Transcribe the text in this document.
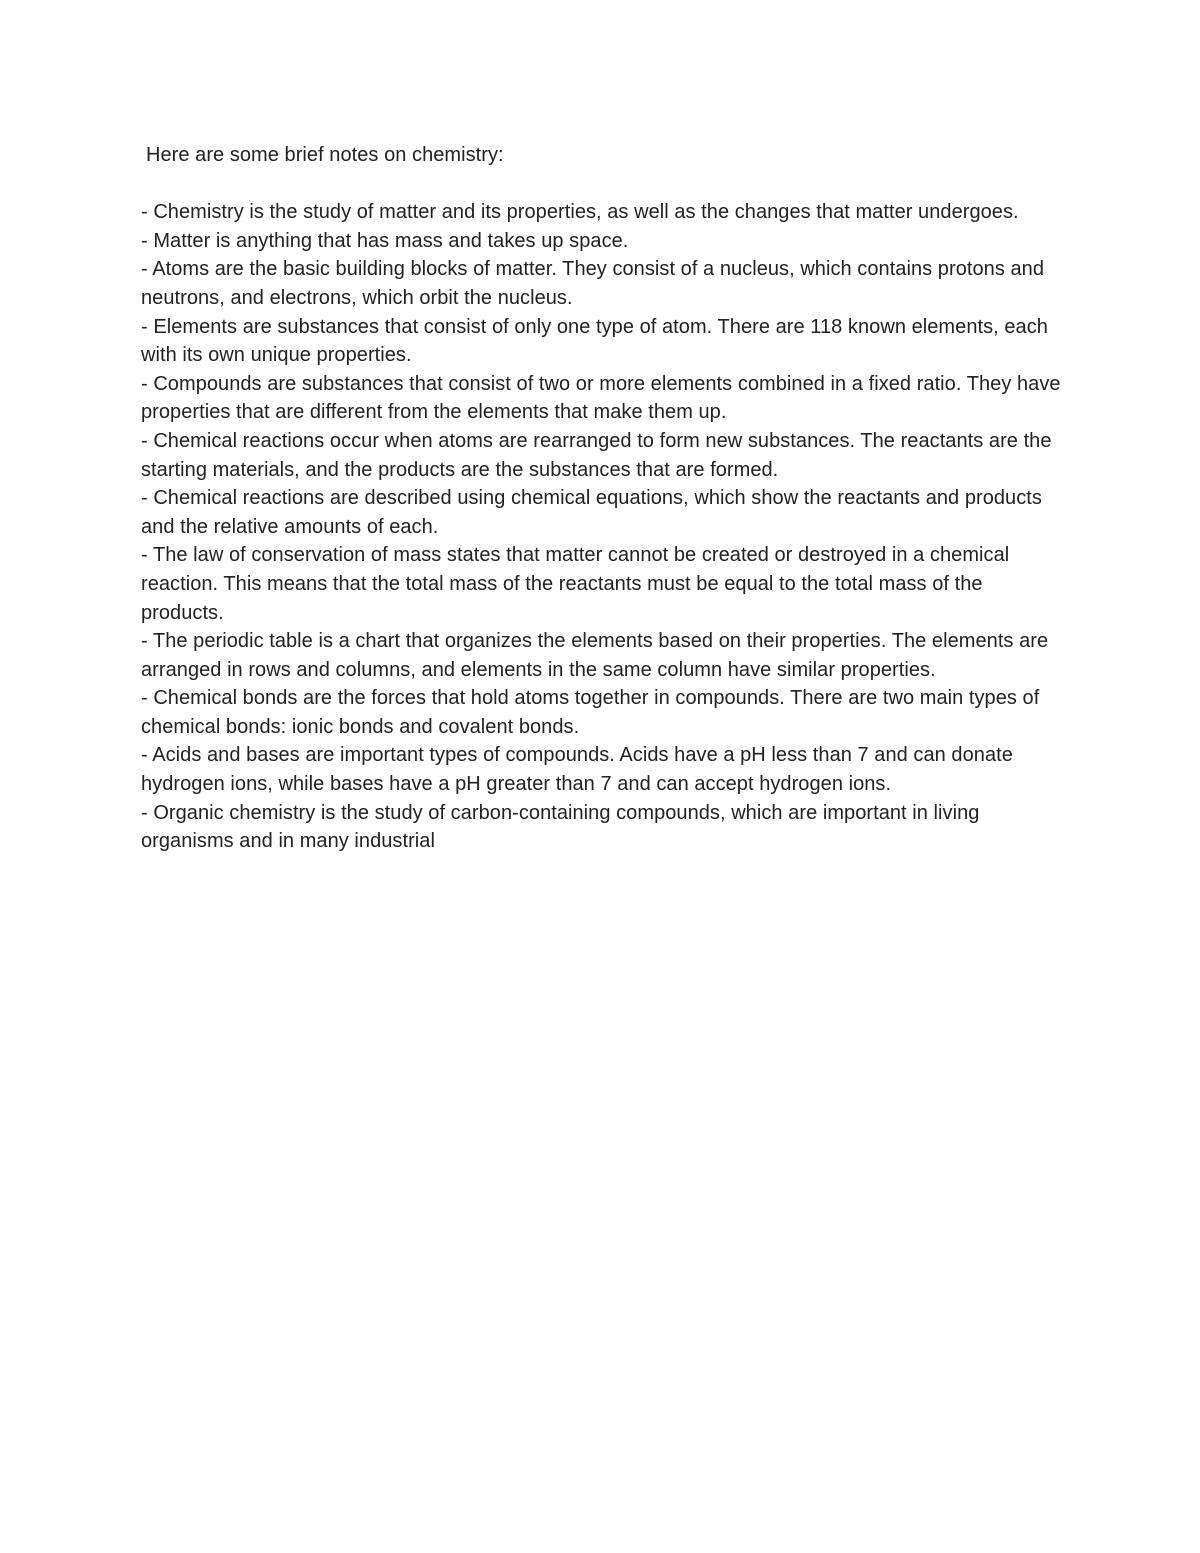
Here are some brief notes on chemistry:

- Chemistry is the study of matter and its properties, as well as the changes that matter undergoes.

- Matter is anything that has mass and takes up space.

- Atoms are the basic building blocks of matter. They consist of a nucleus, which contains protons and neutrons, and electrons, which orbit the nucleus.

- Elements are substances that consist of only one type of atom. There are 118 known elements, each with its own unique properties.

- Compounds are substances that consist of two or more elements combined in a fixed ratio. They have properties that are different from the elements that make them up.

- Chemical reactions occur when atoms are rearranged to form new substances. The reactants are the starting materials, and the products are the substances that are formed.

- Chemical reactions are described using chemical equations, which show the reactants and products and the relative amounts of each.

- The law of conservation of mass states that matter cannot be created or destroyed in a chemical reaction. This means that the total mass of the reactants must be equal to the total mass of the products.

- The periodic table is a chart that organizes the elements based on their properties. The elements are arranged in rows and columns, and elements in the same column have similar properties.

- Chemical bonds are the forces that hold atoms together in compounds. There are two main types of chemical bonds: ionic bonds and covalent bonds.

- Acids and bases are important types of compounds. Acids have a pH less than 7 and can donate hydrogen ions, while bases have a pH greater than 7 and can accept hydrogen ions.

- Organic chemistry is the study of carbon-containing compounds, which are important in living organisms and in many industrial
